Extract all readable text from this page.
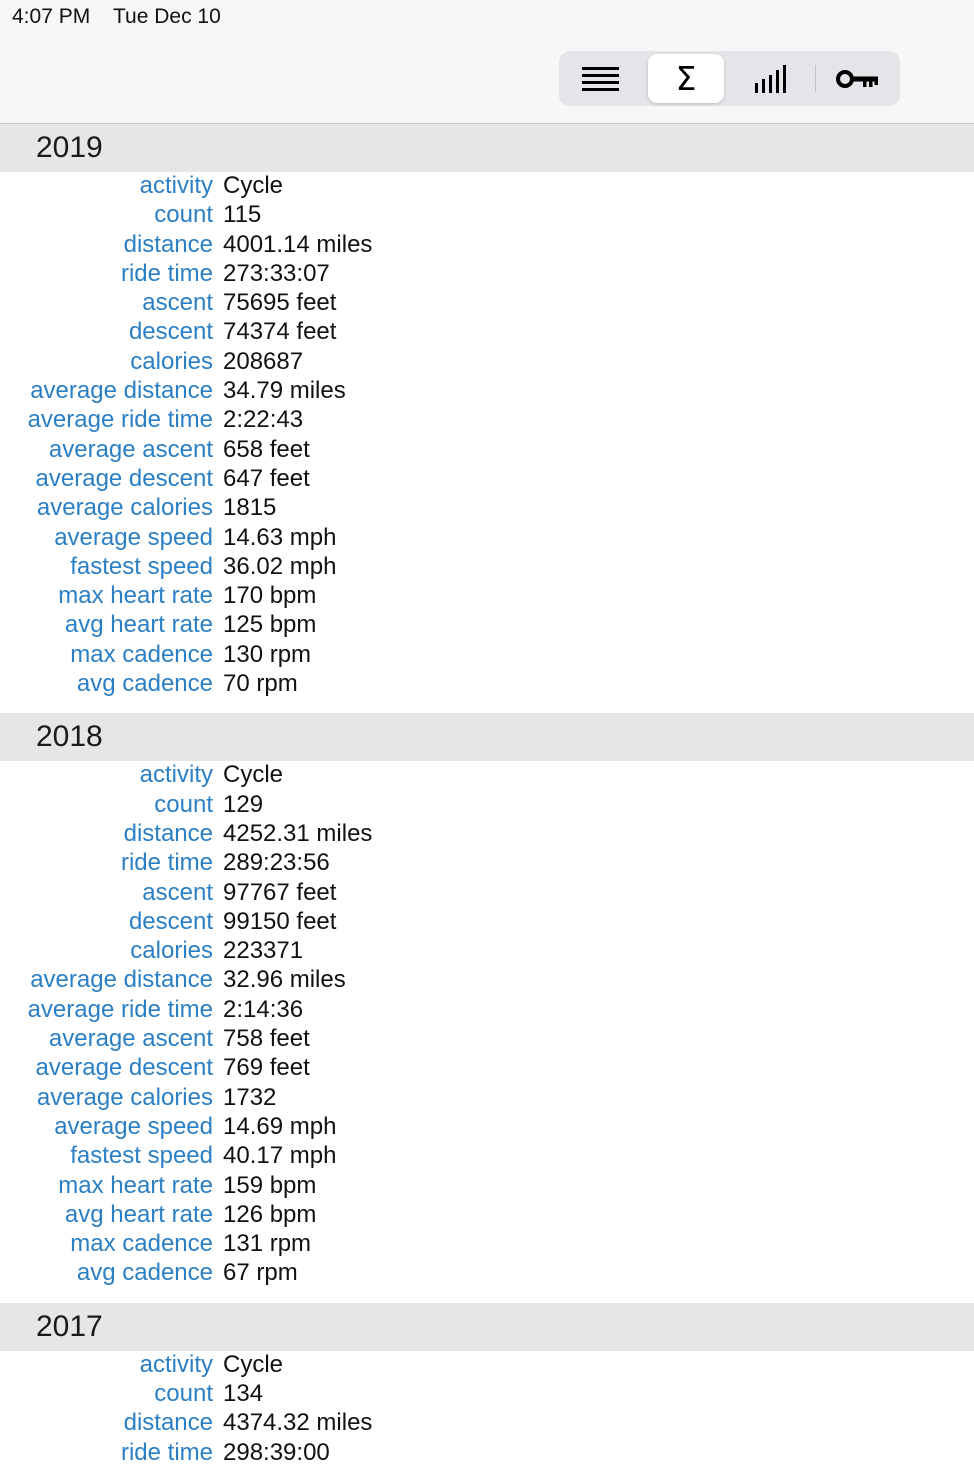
4:07 PM Tue Dec 10
Σ
2019
activity Cycle
count 115
distance 4001.14 miles
ride time 273:33:07
ascent 75695 feet
descent 74374 feet
calories 208687
average distance 34.79 miles
average ride time 2:22:43
average ascent 658 feet
average descent 647 feet
average calories 1815
average speed 14.63 mph
fastest speed 36.02 mph
max heart rate 170 bpm
avg heart rate 125 bpm
max cadence 130 rpm
avg cadence 70 rpm
2018
activity Cycle
count 129
distance 4252.31 miles
ride time 289:23:56
ascent 97767 feet
descent 99150 feet
calories 223371
average distance 32.96 miles
average ride time 2:14:36
average ascent 758 feet
average descent 769 feet
average calories 1732
average speed 14.69 mph
fastest speed 40.17 mph
max heart rate 159 bpm
avg heart rate 126 bpm
max cadence 131 rpm
avg cadence 67 rpm
2017
activity Cycle
count 134
distance 4374.32 miles
ride time 298:39:00
